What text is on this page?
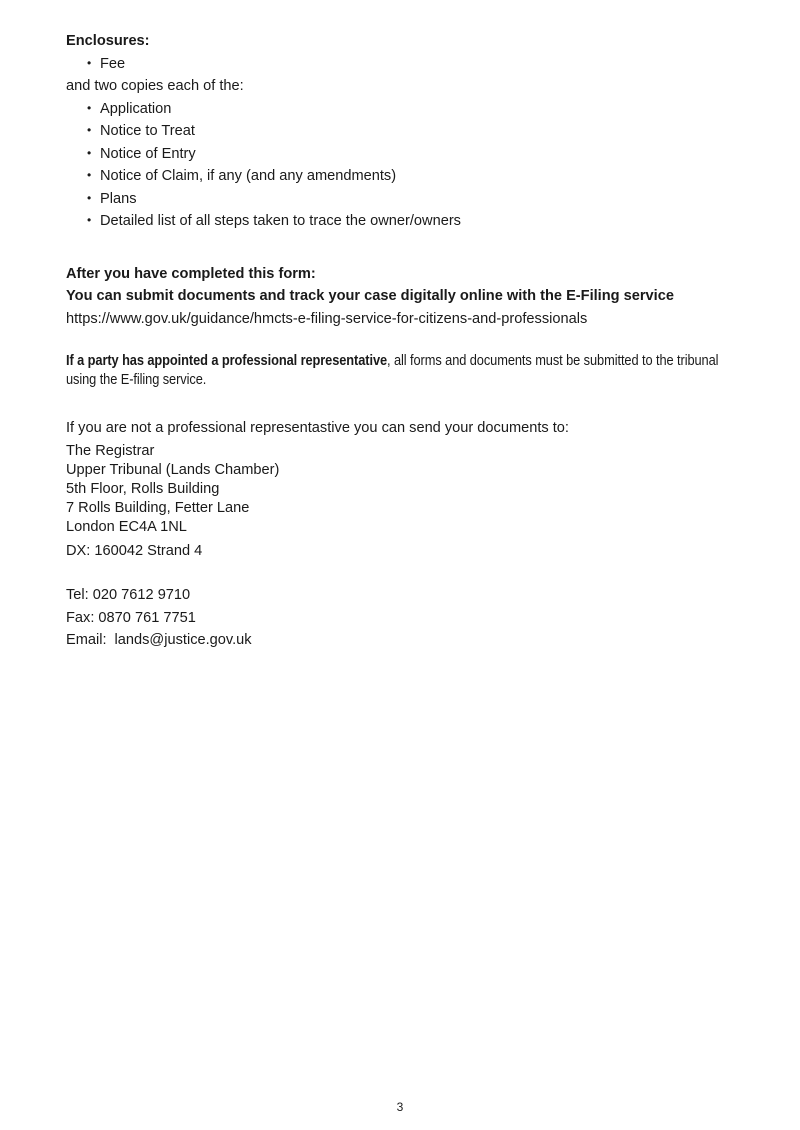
Enclosures:

• Fee

and two copies each of the:

• Application
• Notice to Treat
• Notice of Entry
• Notice of Claim, if any (and any amendments)
• Plans
• Detailed list of all steps taken to trace the owner/owners

After you have completed this form:

You can submit documents and track your case digitally online with the E-Filing service

https://www.gov.uk/guidance/hmcts-e-filing-service-for-citizens-and-professionals

If a party has appointed a professional representative, all forms and documents must be submitted to the tribunal using the E-filing service.

If you are not a professional representastive you can send your documents to:

The Registrar

Upper Tribunal (Lands Chamber)

5th Floor, Rolls Building

7 Rolls Building, Fetter Lane

London EC4A 1NL

DX: 160042 Strand 4

Tel: 020 7612 9710

Fax: 0870 761 7751

Email: lands@justice.gov.uk

3
